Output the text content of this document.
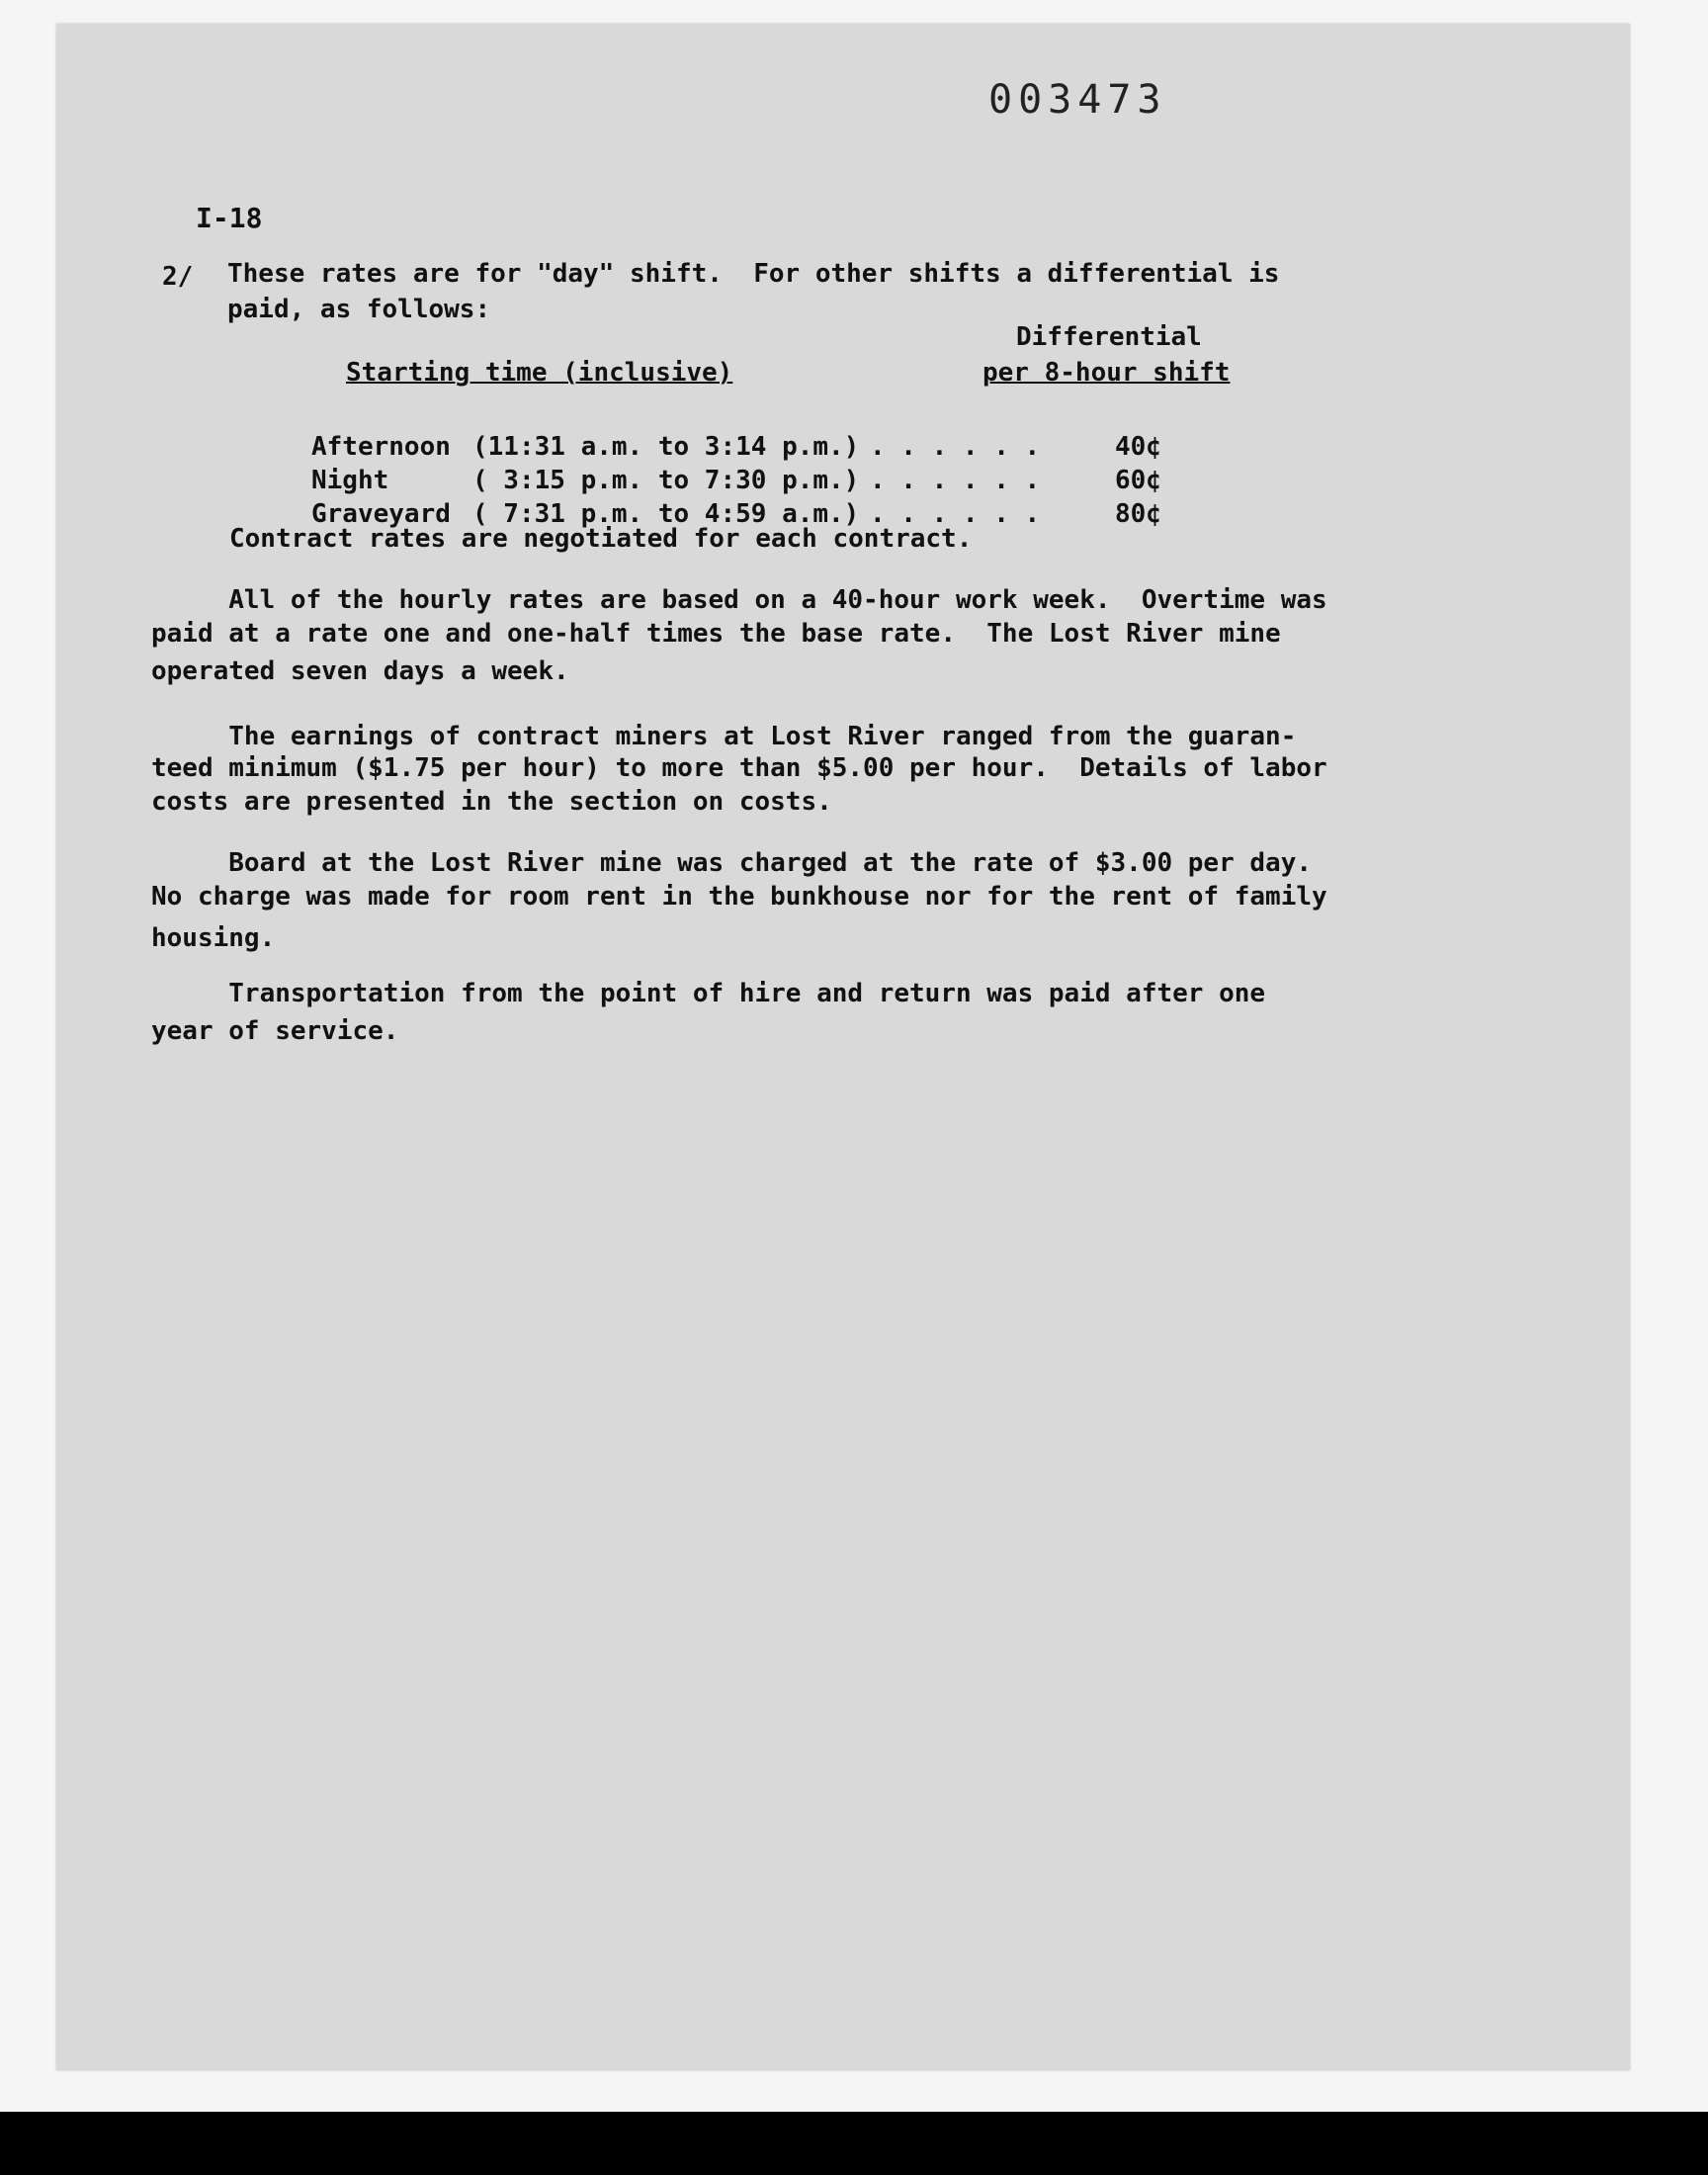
003473
I-18
2/ These rates are for "day" shift.  For other shifts a differential is
paid, as follows:
Differential
Starting time (inclusive)	per 8-hour shift
Afternoon (11:31 a.m. to 3:14 p.m.) . . . . . .	40¢
Night	( 3:15 p.m. to 7:30 p.m.) . . . . . .	60¢
Graveyard ( 7:31 p.m. to 4:59 a.m.) . . . . . .	80¢
Contract rates are negotiated for each contract.
All of the hourly rates are based on a 40-hour work week.  Overtime was
paid at a rate one and one-half times the base rate.  The Lost River mine
operated seven days a week.
The earnings of contract miners at Lost River ranged from the guaran-
teed minimum ($1.75 per hour) to more than $5.00 per hour.  Details of labor
costs are presented in the section on costs.
Board at the Lost River mine was charged at the rate of $3.00 per day.
No charge was made for room rent in the bunkhouse nor for the rent of family
housing.
Transportation from the point of hire and return was paid after one
year of service.
